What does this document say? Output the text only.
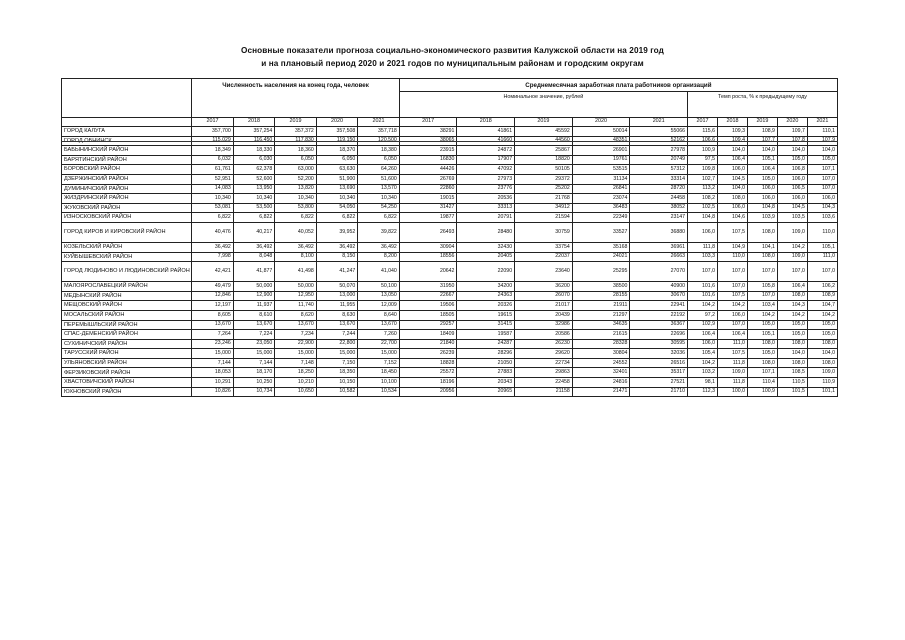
Основные показатели прогноза социально-экономического развития Калужской области на 2019 год
и на плановый период 2020 и 2021 годов по муниципальным районам и городским округам
	Численность населения на конец года, человек					Среднемесячная заработная плата работников организаций									
						Номинальное значение, рублей					Темп роста, % к предыдущему году				
	2017	2018	2019	2020	2021	2017	2018	2019	2020	2021	2017	2018	2019	2020	2021
ГОРОД КАЛУГА	357,700	357,254	357,372	357,508	357,718	38291	41861	45592	50014	55066	115,6	109,3	108,9	109,7	110,1
ГОРОД ОБНИНСК	115,029	116,450	117,830	119,150	120,500	38065	41660	44560	48351	52162	106,6	109,4	107,7	107,8	107,9
БАБЫНИНСКИЙ РАЙОН	18,349	18,330	18,360	18,370	18,380	23915	24872	25867	26901	27978	100,9	104,0	104,0	104,0	104,0
БАРЯТИНСКИЙ РАЙОН	6,032	6,030	6,050	6,050	6,050	16830	17907	18820	19761	20749	97,5	106,4	105,1	105,0	105,0
БОРОВСКИЙ РАЙОН	61,761	62,378	63,000	63,630	64,260	44426	47092	50105	53515	57312	109,8	106,0	106,4	106,8	107,1
ДЗЕРЖИНСКИЙ РАЙОН	52,951	52,600	52,200	51,900	51,600	26769	27973	29372	31134	33314	102,7	104,5	105,0	106,0	107,0
ДУМИНИЧСКИЙ РАЙОН	14,083	13,950	13,820	13,690	13,570	22860	23776	25202	26841	28720	113,2	104,0	106,0	106,5	107,0
ЖИЗДРИНСКИЙ РАЙОН	10,340	10,340	10,340	10,340	10,340	19015	20536	21768	23074	24458	108,2	108,0	106,0	106,0	106,0
ЖУКОВСКИЙ РАЙОН	53,081	53,500	53,800	54,050	54,250	31427	33313	34912	36483	38052	102,5	106,0	104,8	104,5	104,3
ИЗНОСКОВСКИЙ РАЙОН	6,822	6,822	6,822	6,822	6,822	19877	20791	21594	22349	23147	104,8	104,6	103,9	103,5	103,6
ГОРОД КИРОВ И КИРОВСКИЙ РАЙОН	40,476	40,217	40,052	39,952	39,822	26493	28480	30759	33527	36880	106,0	107,5	108,0	109,0	110,0
КОЗЕЛЬСКИЙ РАЙОН	36,492	36,492	36,492	36,492	36,492	30904	32430	33754	35168	36961	111,8	104,9	104,1	104,2	105,1
КУЙБЫШЕВСКИЙ РАЙОН	7,998	8,048	8,100	8,150	8,200	18556	20405	22037	24021	26663	103,3	110,0	108,0	109,0	111,0
ГОРОД ЛЮДИНОВО И ЛЮДИНОВСКИЙ РАЙОН	42,421	41,877	41,498	41,247	41,040	20642	22090	23640	25295	27070	107,0	107,0	107,0	107,0	107,0
МАЛОЯРОСЛАВЕЦКИЙ РАЙОН	49,479	50,000	50,000	50,070	50,100	31950	34200	36200	38500	40900	101,6	107,0	105,8	106,4	106,2
МЕДЫНСКИЙ РАЙОН	12,846	12,900	12,950	13,000	13,050	22667	24363	26070	28155	30670	101,6	107,5	107,0	108,0	108,9
МЕЩОВСКИЙ РАЙОН	12,197	11,937	11,740	11,955	12,009	19506	20326	21017	21911	22941	104,2	104,2	103,4	104,3	104,7
МОСАЛЬСКИЙ РАЙОН	8,605	8,610	8,620	8,630	8,640	18505	19615	20439	21297	22192	97,2	106,0	104,2	104,2	104,2
ПЕРЕМЫШЛЬСКИЙ РАЙОН	13,670	13,670	13,670	13,670	13,670	29257	31415	32986	34635	36367	102,9	107,0	105,0	105,0	105,0
СПАС-ДЕМЕНСКИЙ РАЙОН	7,264	7,224	7,234	7,244	7,260	18409	19587	20586	21615	22696	106,4	106,4	105,1	105,0	105,0
СУХИНИЧСКИЙ РАЙОН	23,246	23,050	22,900	22,800	22,700	21840	24287	26230	28328	30595	106,0	111,0	108,0	108,0	108,0
ТАРУССКИЙ РАЙОН	15,000	15,000	15,000	15,000	15,000	26239	28296	29620	30804	32036	105,4	107,5	105,0	104,0	104,0
УЛЬЯНОВСКИЙ РАЙОН	7,144	7,144	7,148	7,150	7,152	18828	21050	22734	24552	26516	104,2	111,8	108,0	108,0	108,0
ФЕРЗИКОВСКИЙ РАЙОН	18,053	18,170	18,250	18,350	18,450	25572	27883	29863	32401	35317	103,2	109,0	107,1	108,5	109,0
ХВАСТОВИЧСКИЙ РАЙОН	10,291	10,250	10,210	10,150	10,100	18196	20343	22458	24816	27521	98,1	111,8	110,4	110,5	110,9
ЮХНОВСКИЙ РАЙОН	10,826	10,734	10,650	10,582	10,534	20956	20965	21158	21471	21710	112,3	100,0	100,9	101,5	101,1
